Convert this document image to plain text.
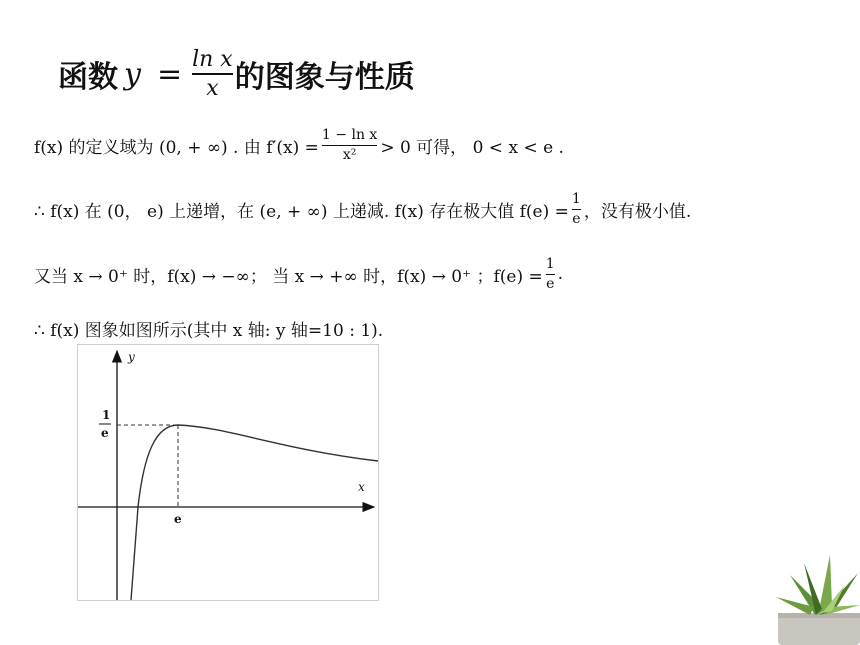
函数 $y = \frac{\text{ln x}}{x}$ 的图象与性质
f(x) 的定义域为 (0, + ∞) . 由 $f'(x) = \frac{\text{1 − ln x}}{\text{x²}} > 0$ 可得， 0 < x < e .
∴ f(x) 在 (0， e) 上递增，在 (e, + ∞) 上递减. f(x) 存在极大值 $f(e) = \frac{1}{e}$ ，没有极小值.
又当 x → 0⁺ 时，f(x) → −∞； 当 x → +∞ 时，f(x) → 0⁺ ；$f(e) = \frac{1}{e}$ .
∴ f(x) 图象如图所示(其中 x 轴: y 轴=10 : 1).
y
x
1
e
e
